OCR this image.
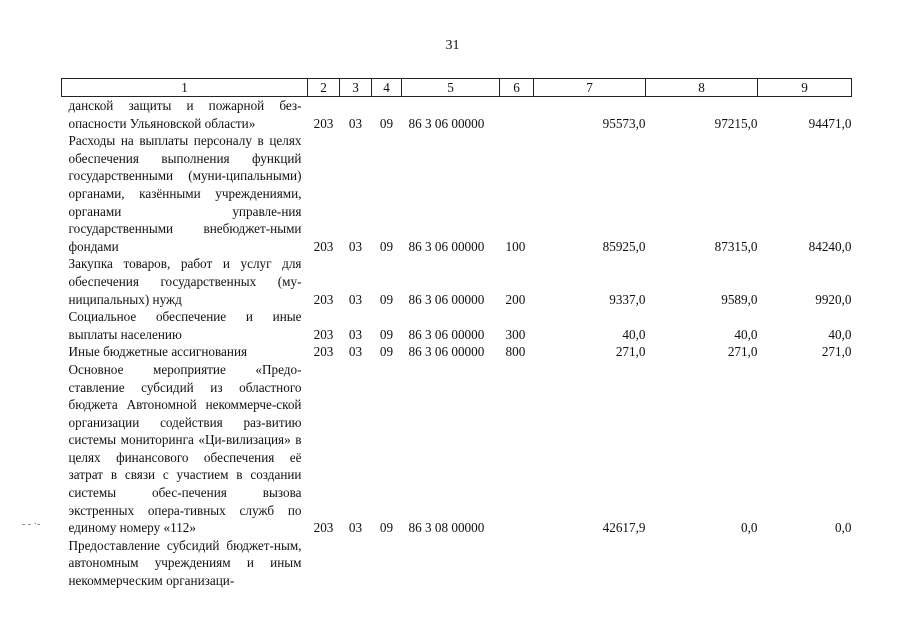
31
1	2	3	4	5	6	7	8	9
данской защиты и пожарной без-опасности Ульяновской области»	203	03	09	86 3 06 00000		95573,0	97215,0	94471,0
Расходы на выплаты персоналу в целях обеспечения выполнения функций государственными (муни-ципальными) органами, казёнными учреждениями, органами управле-ния государственными внебюджет-ными фондами	203	03	09	86 3 06 00000	100	85925,0	87315,0	84240,0
Закупка товаров, работ и услуг для обеспечения государственных (му-ниципальных) нужд	203	03	09	86 3 06 00000	200	9337,0	9589,0	9920,0
Социальное обеспечение и иные выплаты населению	203	03	09	86 3 06 00000	300	40,0	40,0	40,0
Иные бюджетные ассигнования	203	03	09	86 3 06 00000	800	271,0	271,0	271,0
Основное мероприятие «Предо-ставление субсидий из областного бюджета Автономной некоммерче-ской организации содействия раз-витию системы мониторинга «Ци-вилизация» в целях финансового обеспечения её затрат в связи с участием в создании системы обес-печения вызова экстренных опера-тивных служб по единому номеру «112»	203	03	09	86 3 08 00000		42617,9	0,0	0,0
Предоставление субсидий бюджет-ным, автономным учреждениям и иным некоммерческим организаци-								
- - ·-
